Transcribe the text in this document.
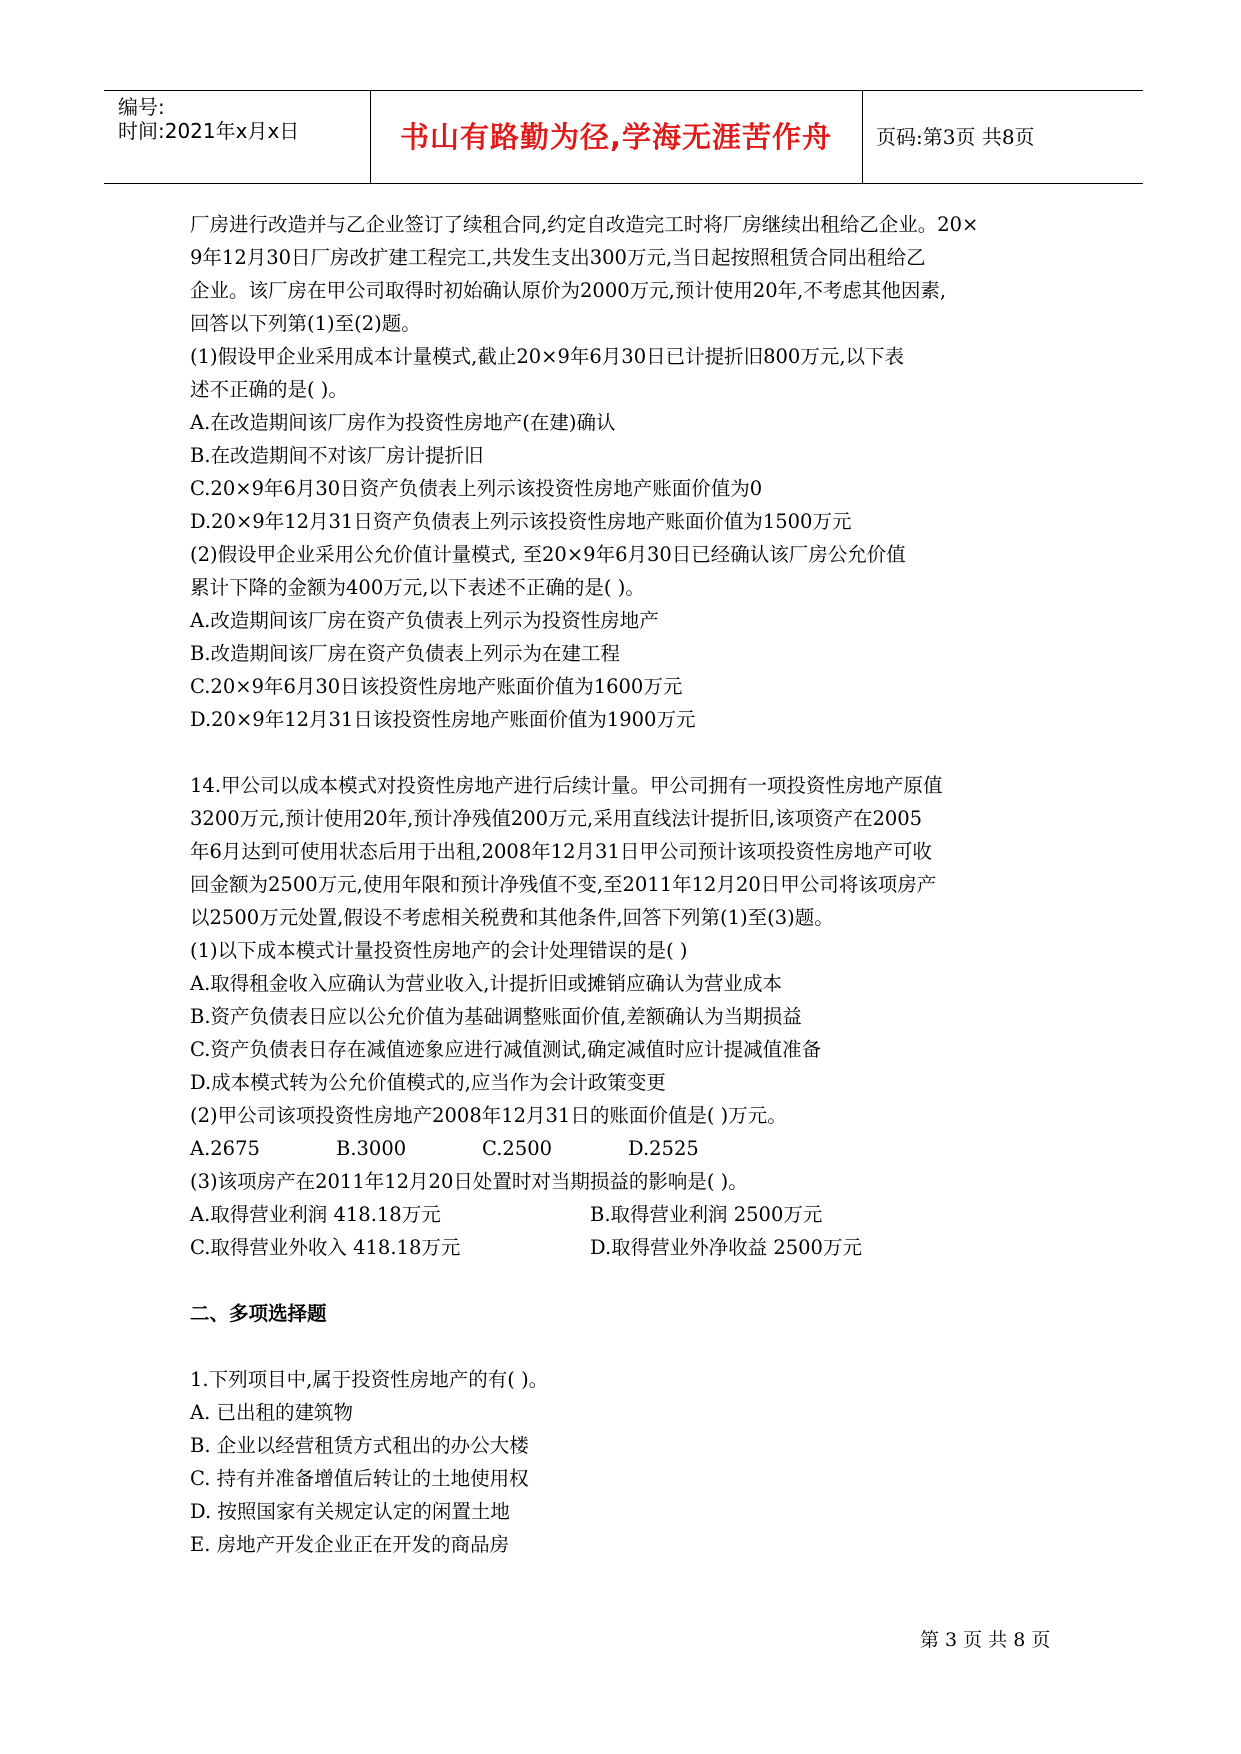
编号:
时间:2021年x月x日	书山有路勤为径,学海无涯苦作舟	页码:第3页 共8页
厂房进行改造并与乙企业签订了续租合同,约定自改造完工时将厂房继续出租给乙企业。20×
9年12月30日厂房改扩建工程完工,共发生支出300万元,当日起按照租赁合同出租给乙
企业。该厂房在甲公司取得时初始确认原价为2000万元,预计使用20年,不考虑其他因素,
回答以下列第(1)至(2)题。
(1)假设甲企业采用成本计量模式,截止20×9年6月30日已计提折旧800万元,以下表
述不正确的是( )。
A.在改造期间该厂房作为投资性房地产(在建)确认
B.在改造期间不对该厂房计提折旧
C.20×9年6月30日资产负债表上列示该投资性房地产账面价值为0
D.20×9年12月31日资产负债表上列示该投资性房地产账面价值为1500万元
(2)假设甲企业采用公允价值计量模式, 至20×9年6月30日已经确认该厂房公允价值
累计下降的金额为400万元,以下表述不正确的是( )。
A.改造期间该厂房在资产负债表上列示为投资性房地产
B.改造期间该厂房在资产负债表上列示为在建工程
C.20×9年6月30日该投资性房地产账面价值为1600万元
D.20×9年12月31日该投资性房地产账面价值为1900万元
14.甲公司以成本模式对投资性房地产进行后续计量。甲公司拥有一项投资性房地产原值
3200万元,预计使用20年,预计净残值200万元,采用直线法计提折旧,该项资产在2005
年6月达到可使用状态后用于出租,2008年12月31日甲公司预计该项投资性房地产可收
回金额为2500万元,使用年限和预计净残值不变,至2011年12月20日甲公司将该项房产
以2500万元处置,假设不考虑相关税费和其他条件,回答下列第(1)至(3)题。
(1)以下成本模式计量投资性房地产的会计处理错误的是( )
A.取得租金收入应确认为营业收入,计提折旧或摊销应确认为营业成本
B.资产负债表日应以公允价值为基础调整账面价值,差额确认为当期损益
C.资产负债表日存在减值迹象应进行减值测试,确定减值时应计提减值准备
D.成本模式转为公允价值模式的,应当作为会计政策变更
(2)甲公司该项投资性房地产2008年12月31日的账面价值是( )万元。
A.2675	B.3000	C.2500	D.2525
(3)该项房产在2011年12月20日处置时对当期损益的影响是( )。
A.取得营业利润 418.18万元	B.取得营业利润 2500万元
C.取得营业外收入 418.18万元	D.取得营业外净收益 2500万元
二、多项选择题
1.下列项目中,属于投资性房地产的有( )。
A. 已出租的建筑物
B. 企业以经营租赁方式租出的办公大楼
C. 持有并准备增值后转让的土地使用权
D. 按照国家有关规定认定的闲置土地
E. 房地产开发企业正在开发的商品房
第 3 页 共 8 页
